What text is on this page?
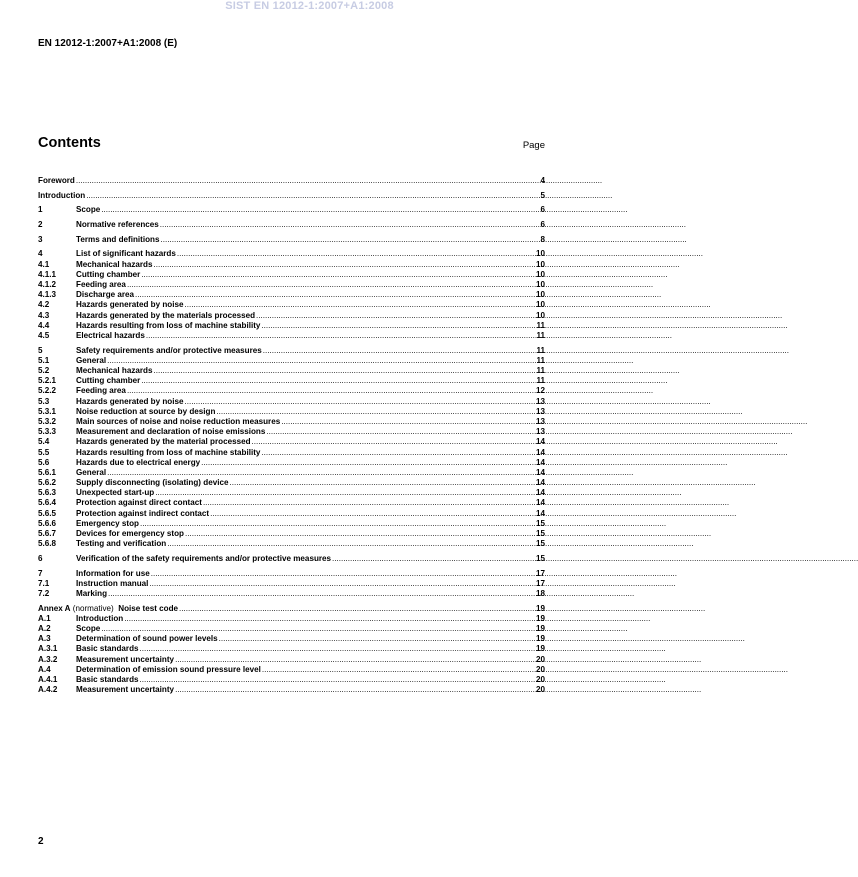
SIST EN 12012-1:2007+A1:2008
EN 12012-1:2007+A1:2008 (E)
Contents	Page
Foreword .....	4
Introduction .....	5
1	Scope .....	6
2	Normative references .....	6
3	Terms and definitions .....	8
4	List of significant hazards .....	10
4.1	Mechanical hazards .....	10
4.1.1	Cutting chamber .....	10
4.1.2	Feeding area .....	10
4.1.3	Discharge area .....	10
4.2	Hazards generated by noise .....	10
4.3	Hazards generated by the materials processed .....	10
4.4	Hazards resulting from loss of machine stability .....	11
4.5	Electrical hazards .....	11
5	Safety requirements and/or protective measures .....	11
5.1	General .....	11
5.2	Mechanical hazards .....	11
5.2.1	Cutting chamber .....	11
5.2.2	Feeding area .....	12
5.3	Hazards generated by noise .....	13
5.3.1	Noise reduction at source by design .....	13
5.3.2	Main sources of noise and noise reduction measures .....	13
5.3.3	Measurement and declaration of noise emissions .....	13
5.4	Hazards generated by the material processed .....	14
5.5	Hazards resulting from loss of machine stability .....	14
5.6	Hazards due to electrical energy .....	14
5.6.1	General .....	14
5.6.2	Supply disconnecting (isolating) device .....	14
5.6.3	Unexpected start-up .....	14
5.6.4	Protection against direct contact .....	14
5.6.5	Protection against indirect contact .....	14
5.6.6	Emergency stop .....	15
5.6.7	Devices for emergency stop .....	15
5.6.8	Testing and verification .....	15
6	Verification of the safety requirements and/or protective measures .....	15
7	Information for use .....	17
7.1	Instruction manual .....	17
7.2	Marking .....	18
Annex A (normative)  Noise test code .....	19
A.1	Introduction .....	19
A.2	Scope .....	19
A.3	Determination of sound power levels .....	19
A.3.1	Basic standards .....	19
A.3.2	Measurement uncertainty .....	20
A.4	Determination of emission sound pressure level .....	20
A.4.1	Basic standards .....	20
A.4.2	Measurement uncertainty .....	20
2
